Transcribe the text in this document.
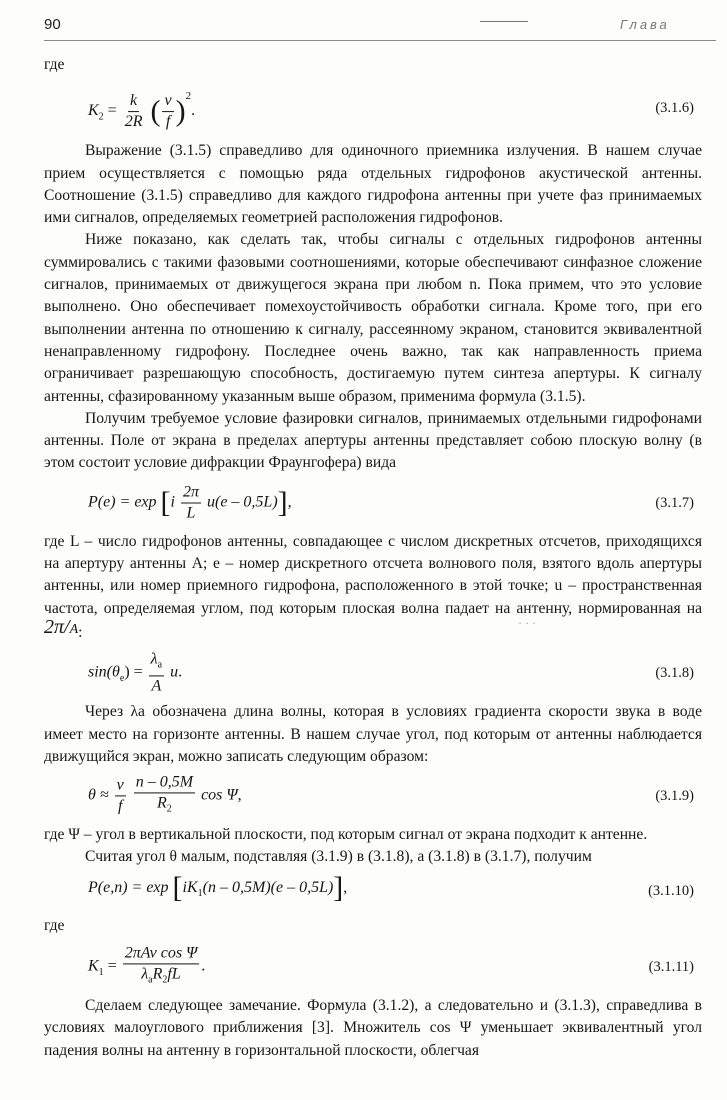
90	Глава

где

$K_2 = \frac{k}{2R}$ ( $\frac{v}{f} )^2$.	(3.1.6)

Выражение (3.1.5) справедливо для одиночного приемника излучения. В нашем случае прием осуществляется с помощью ряда отдельных гидрофонов акустической антенны. Соотношение (3.1.5) справедливо для каждого гидрофона антенны при учете фаз принимаемых ими сигналов, определяемых геометрией расположения гидрофонов.

Ниже показано, как сделать так, чтобы сигналы с отдельных гидрофонов антенны суммировались с такими фазовыми соотношениями, которые обеспечивают синфазное сложение сигналов, принимаемых от движущегося экрана при любом n. Пока примем, что это условие выполнено. Оно обеспечивает помехоустойчивость обработки сигнала. Кроме того, при его выполнении антенна по отношению к сигналу, рассеянному экраном, становится эквивалентной ненаправленному гидрофону. Последнее очень важно, так как направленность приема ограничивает разрешающую способность, достигаемую путем синтеза апертуры. К сигналу антенны, сфазированному указанным выше образом, применима формула (3.1.5).

Получим требуемое условие фазировки сигналов, принимаемых отдельными гидрофонами антенны. Поле от экрана в пределах апертуры антенны представляет собою плоскую волну (в этом состоит условие дифракции Фраунгофера) вида

$P(e) = \exp [i \frac{2\pi}{L} u(e - 0,5L)]$,	(3.1.7)

где L – число гидрофонов антенны, совпадающее с числом дискретных отсчетов, приходящихся на апертуру антенны A; e – номер дискретного отсчета волнового поля, взятого вдоль апертуры антенны, или номер приемного гидрофона, расположенного в этой точке; u – пространственная частота, определяемая углом, под которым плоская волна падает на антенну, нормированная на 2π/A:

$\sin(\theta_e) = \frac{\lambda_a}{A} u$.	(3.1.8)

Через λa обозначена длина волны, которая в условиях градиента скорости звука в воде имеет место на горизонте антенны. В нашем случае угол, под которым от антенны наблюдается движущийся экран, можно записать следующим образом:

$\theta \approx \frac{v}{f}$
$\frac{n - 0,5M}{R_2}$ cos Ψ,	(3.1.9)

где Ψ – угол в вертикальной плоскости, под которым сигнал от экрана подходит к антенне.

Считая угол θ малым, подставляя (3.1.9) в (3.1.8), а (3.1.8) в (3.1.7), получим

$P(e,n) = \exp [iK_1(n - 0,5M)(e - 0,5L)]$,	(3.1.10)

где

$K_1 = \frac{\text{2πAv cos Ψ}}{\lambda_aR_2fL}$ .	(3.1.11)

Сделаем следующее замечание. Формула (3.1.2), а следовательно и (3.1.3), справедлива в условиях малоуглового приближения [3]. Множитель cos Ψ уменьшает эквивалентный угол падения волны на антенну в горизонтальной плоскости, облегчая

· · ·
